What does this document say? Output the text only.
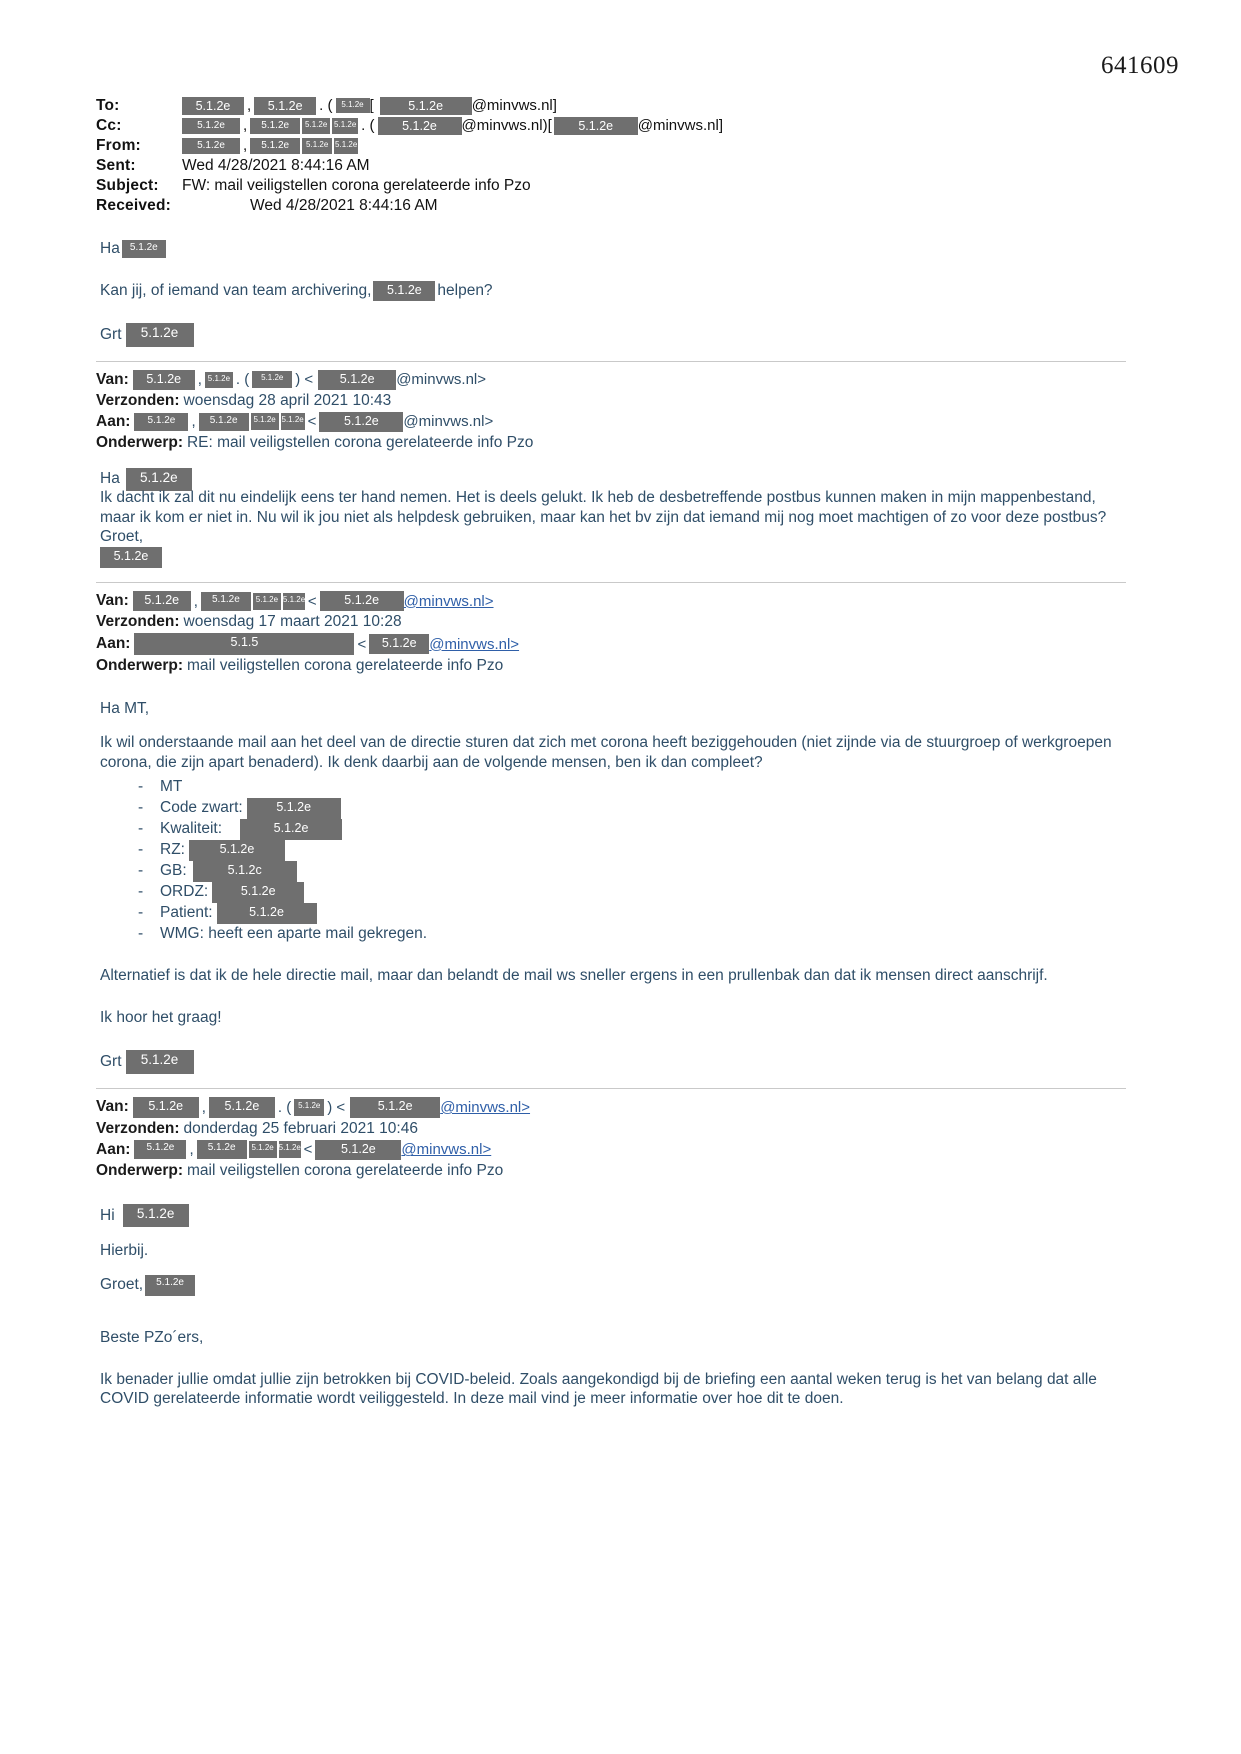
641609
To:	5.1.2e	,	5.1.2e	. (	5.1.2e [	5.1.2e	@minvws.nl]
Cc:	5.1.2e	,	5.1.2e	5.1.2e 5.1.2e . (	5.1.2e	@minvws.nl)[	5.1.2e	@minvws.nl]
From:	5.1.2e	,	5.1.2e	5.1.2e 5.1.2e
Sent:	Wed 4/28/2021 8:44:16 AM
Subject:	FW: mail veiligstellen corona gerelateerde info Pzo
Received:	Wed 4/28/2021 8:44:16 AM
Ha	5.1.2e
Kan jij, of iemand van team archivering,	5.1.2e	helpen?
Grt	5.1.2e
Van:	5.1.2e	, 5.1.2e . (	5.1.2e ) <	5.1.2e	@minvws.nl>
Verzonden: woensdag 28 april 2021 10:43
Aan:	5.1.2e	,	5.1.2e	5.1.2e 5.1.2e <	5.1.2e	@minvws.nl>
Onderwerp: RE: mail veiligstellen corona gerelateerde info Pzo
Ha	5.1.2e
Ik dacht ik zal dit nu eindelijk eens ter hand nemen. Het is deels gelukt. Ik heb de desbetreffende postbus kunnen maken in mijn mappenbestand, maar ik kom er niet in. Nu wil ik jou niet als helpdesk gebruiken, maar kan het bv zijn dat iemand mij nog moet machtigen of zo voor deze postbus?
Groet,
5.1.2e
Van:	5.1.2e ,	5.1.2e	5.1.2e 5.1.2e <	5.1.2e	@minvws.nl>
Verzonden: woensdag 17 maart 2021 10:28
Aan:	5.1.5	<	5.1.2e @minvws.nl>
Onderwerp: mail veiligstellen corona gerelateerde info Pzo
Ha MT,
Ik wil onderstaande mail aan het deel van de directie sturen dat zich met corona heeft beziggehouden (niet zijnde via de stuurgroep of werkgroepen corona, die zijn apart benaderd). Ik denk daarbij aan de volgende mensen, ben ik dan compleet?
-	MT
-	Code zwart:	5.1.2e
-	Kwaliteit:	5.1.2e
-	RZ:	5.1.2e
-	GB:	5.1.2c
-	ORDZ:	5.1.2e
-	Patient:	5.1.2e
-	WMG: heeft een aparte mail gekregen.
Alternatief is dat ik de hele directie mail, maar dan belandt de mail ws sneller ergens in een prullenbak dan dat ik mensen direct aanschrijf.
Ik hoor het graag!
Grt	5.1.2e
Van:	5.1.2e	,	5.1.2e	. ( 5.1.2e ) <	5.1.2e	@minvws.nl>
Verzonden: donderdag 25 februari 2021 10:46
Aan:	5.1.2e	,	5.1.2e	5.1.2e 5.1.2e <	5.1.2e	@minvws.nl>
Onderwerp: mail veiligstellen corona gerelateerde info Pzo
Hi	5.1.2e
Hierbij.
Groet,	5.1.2e
Beste PZo´ers,
Ik benader jullie omdat jullie zijn betrokken bij COVID-beleid. Zoals aangekondigd bij de briefing een aantal weken terug is het van belang dat alle COVID gerelateerde informatie wordt veiliggesteld. In deze mail vind je meer informatie over hoe dit te doen.
